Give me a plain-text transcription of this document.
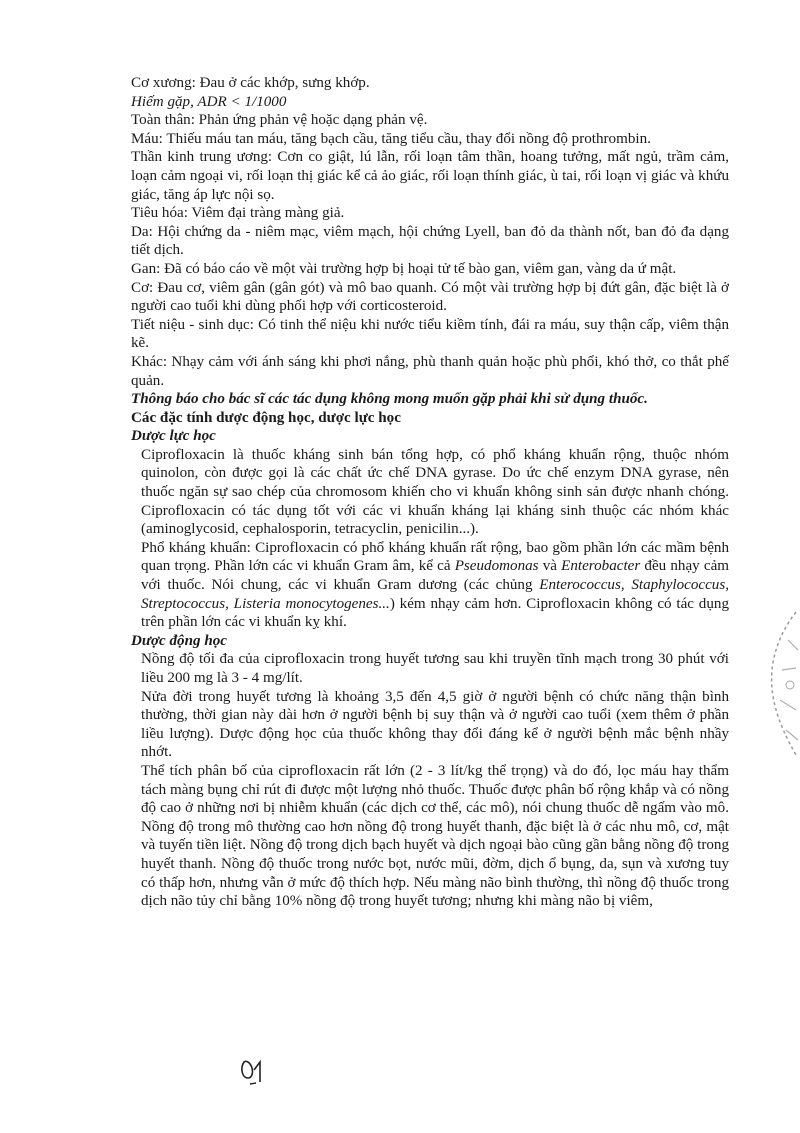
Cơ xương: Đau ở các khớp, sưng khớp.

Hiếm gặp, ADR < 1/1000

Toàn thân: Phản ứng phản vệ hoặc dạng phản vệ.

Máu: Thiếu máu tan máu, tăng bạch cầu, tăng tiểu cầu, thay đổi nồng độ prothrombin.

Thần kinh trung ương: Cơn co giật, lú lẫn, rối loạn tâm thần, hoang tưởng, mất ngủ, trầm cảm, loạn cảm ngoại vi, rối loạn thị giác kể cả ảo giác, rối loạn thính giác, ù tai, rối loạn vị giác và khứu giác, tăng áp lực nội sọ.

Tiêu hóa: Viêm đại tràng màng giả.

Da: Hội chứng da - niêm mạc, viêm mạch, hội chứng Lyell, ban đỏ da thành nốt, ban đỏ đa dạng tiết dịch.

Gan: Đã có báo cáo về một vài trường hợp bị hoại tử tế bào gan, viêm gan, vàng da ứ mật.

Cơ: Đau cơ, viêm gân (gân gót) và mô bao quanh. Có một vài trường hợp bị đứt gân, đặc biệt là ở người cao tuổi khi dùng phối hợp với corticosteroid.

Tiết niệu - sinh dục: Có tinh thể niệu khi nước tiểu kiềm tính, đái ra máu, suy thận cấp, viêm thận kẽ.

Khác: Nhạy cảm với ánh sáng khi phơi nắng, phù thanh quản hoặc phù phổi, khó thở, co thắt phế quản.

Thông báo cho bác sĩ các tác dụng không mong muốn gặp phải khi sử dụng thuốc.

Các đặc tính dược động học, dược lực học

Dược lực học

Ciprofloxacin là thuốc kháng sinh bán tổng hợp, có phổ kháng khuẩn rộng, thuộc nhóm quinolon, còn được gọi là các chất ức chế DNA gyrase. Do ức chế enzym DNA gyrase, nên thuốc ngăn sự sao chép của chromosom khiến cho vi khuẩn không sinh sản được nhanh chóng. Ciprofloxacin có tác dụng tốt với các vi khuẩn kháng lại kháng sinh thuộc các nhóm khác (aminoglycosid, cephalosporin, tetracyclin, penicilin...).

Phổ kháng khuẩn: Ciprofloxacin có phổ kháng khuẩn rất rộng, bao gồm phần lớn các mầm bệnh quan trọng. Phần lớn các vi khuẩn Gram âm, kể cả Pseudomonas và Enterobacter đều nhạy cảm với thuốc. Nói chung, các vi khuẩn Gram dương (các chủng Enterococcus, Staphylococcus, Streptococcus, Listeria monocytogenes...) kém nhạy cảm hơn. Ciprofloxacin không có tác dụng trên phần lớn các vi khuẩn kỵ khí.

Dược động học

Nồng độ tối đa của ciprofloxacin trong huyết tương sau khi truyền tĩnh mạch trong 30 phút với liều 200 mg là 3 - 4 mg/lít.

Nửa đời trong huyết tương là khoảng 3,5 đến 4,5 giờ ở người bệnh có chức năng thận bình thường, thời gian này dài hơn ở người bệnh bị suy thận và ở người cao tuổi (xem thêm ở phần liều lượng). Dược động học của thuốc không thay đổi đáng kể ở người bệnh mắc bệnh nhầy nhớt.

Thể tích phân bố của ciprofloxacin rất lớn (2 - 3 lít/kg thể trọng) và do đó, lọc máu hay thẩm tách màng bụng chỉ rút đi được một lượng nhỏ thuốc. Thuốc được phân bố rộng khắp và có nồng độ cao ở những nơi bị nhiễm khuẩn (các dịch cơ thể, các mô), nói chung thuốc dễ ngấm vào mô. Nồng độ trong mô thường cao hơn nồng độ trong huyết thanh, đặc biệt là ở các nhu mô, cơ, mật và tuyến tiền liệt. Nồng độ trong dịch bạch huyết và dịch ngoại bào cũng gần bằng nồng độ trong huyết thanh. Nồng độ thuốc trong nước bọt, nước mũi, đờm, dịch ổ bụng, da, sụn và xương tuy có thấp hơn, nhưng vẫn ở mức độ thích hợp. Nếu màng não bình thường, thì nồng độ thuốc trong dịch não tủy chỉ bằng 10% nồng độ trong huyết tương; nhưng khi màng não bị viêm,
